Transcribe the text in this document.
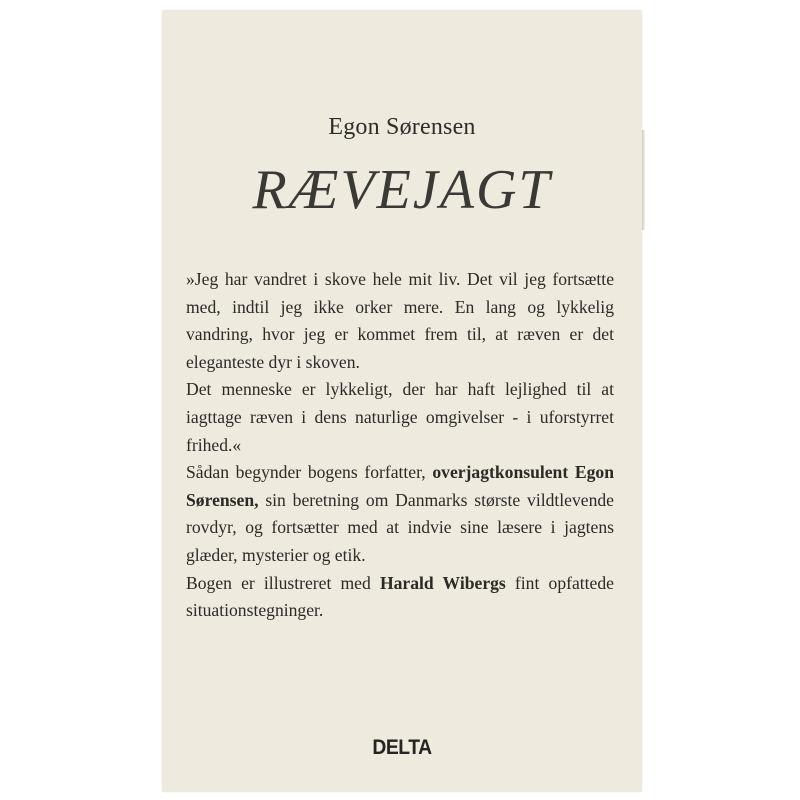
Egon Sørensen
RÆVEJAGT

»Jeg har vandret i skove hele mit liv. Det vil jeg fortsætte med, indtil jeg ikke orker mere. En lang og lykkelig vandring, hvor jeg er kommet frem til, at ræven er det eleganteste dyr i skoven.

Det menneske er lykkeligt, der har haft lejlighed til at iagttage ræven i dens naturlige omgivelser - i uforstyrret frihed.«

Sådan begynder bogens forfatter, overjagtkonsulent Egon Sørensen, sin beretning om Danmarks største vildtlevende rovdyr, og fortsætter med at indvie sine læsere i jagtens glæder, mysterier og etik.

Bogen er illustreret med Harald Wibergs fint opfattede situationstegninger.

DELTA
